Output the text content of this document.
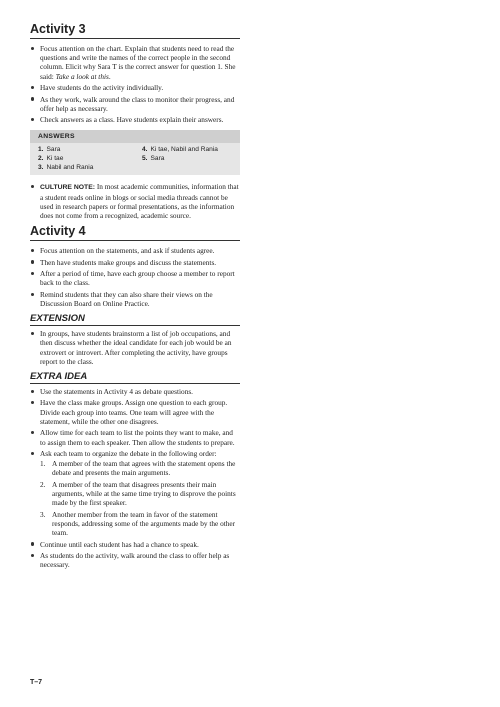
Activity 3
Focus attention on the chart. Explain that students need to read the questions and write the names of the correct people in the second column. Elicit why Sara T is the correct answer for question 1. She said: Take a look at this.
Have students do the activity individually.
As they work, walk around the class to monitor their progress, and offer help as necessary.
Check answers as a class. Have students explain their answers.
ANSWERS
1. Sara
2. Ki tae
3. Nabil and Rania
4. Ki tae, Nabil and Rania
5. Sara
CULTURE NOTE: In most academic communities, information that a student reads online in blogs or social media threads cannot be used in research papers or formal presentations, as the information does not come from a recognized, academic source.
Activity 4
Focus attention on the statements, and ask if students agree.
Then have students make groups and discuss the statements.
After a period of time, have each group choose a member to report back to the class.
Remind students that they can also share their views on the Discussion Board on Online Practice.
EXTENSION
In groups, have students brainstorm a list of job occupations, and then discuss whether the ideal candidate for each job would be an extrovert or introvert. After completing the activity, have groups report to the class.
EXTRA IDEA
Use the statements in Activity 4 as debate questions.
Have the class make groups. Assign one question to each group. Divide each group into teams. One team will agree with the statement, while the other one disagrees.
Allow time for each team to list the points they want to make, and to assign them to each speaker. Then allow the students to prepare.
Ask each team to organize the debate in the following order:
1. A member of the team that agrees with the statement opens the debate and presents the main arguments.
2. A member of the team that disagrees presents their main arguments, while at the same time trying to disprove the points made by the first speaker.
3. Another member from the team in favor of the statement responds, addressing some of the arguments made by the other team.
Continue until each student has had a chance to speak.
As students do the activity, walk around the class to offer help as necessary.
T–7
